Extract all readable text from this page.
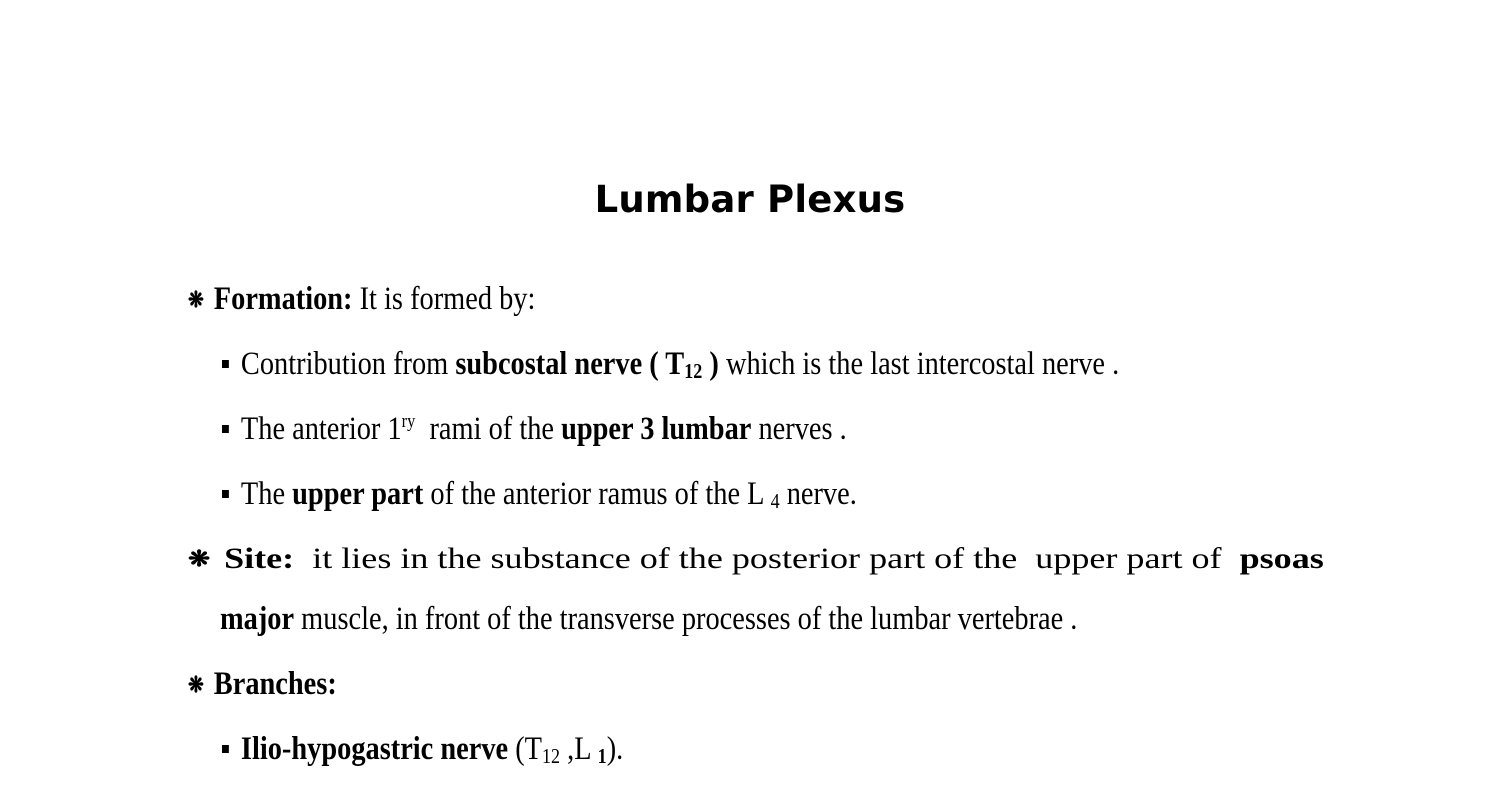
Lumbar Plexus
❋ Formation: It is formed by:
Contribution from subcostal nerve ( $T_{12}$ ) which is the last intercostal nerve .
The anterior $1^{ry}$  rami of the upper 3 lumbar nerves .
The upper part of the anterior ramus of the L $_4$ nerve.
❋ Site:  it lies in the substance of the posterior part of the  upper part of  psoas
major muscle, in front of the transverse processes of the lumbar vertebrae .
❋ Branches:
Ilio-hypogastric nerve ($T_{12}$ ,L $_1$).
